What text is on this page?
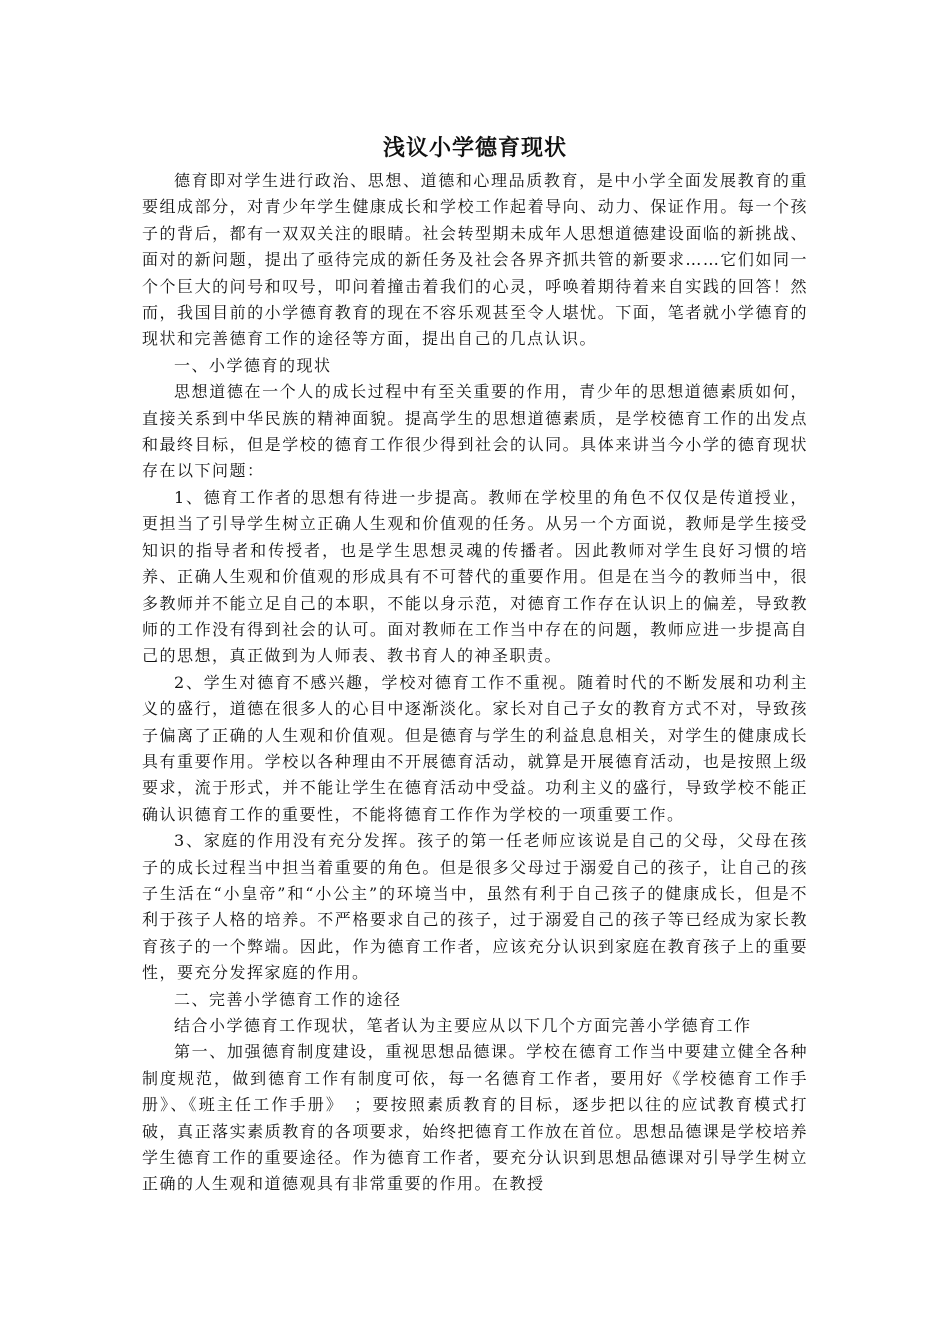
浅议小学德育现状

德育即对学生进行政治、思想、道德和心理品质教育，是中小学全面发展教育的重要组成部分，对青少年学生健康成长和学校工作起着导向、动力、保证作用。每一个孩子的背后，都有一双双关注的眼睛。社会转型期未成年人思想道德建设面临的新挑战、面对的新问题，提出了亟待完成的新任务及社会各界齐抓共管的新要求……它们如同一个个巨大的问号和叹号，叩问着撞击着我们的心灵，呼唤着期待着来自实践的回答！然而，我国目前的小学德育教育的现在不容乐观甚至令人堪忧。下面，笔者就小学德育的现状和完善德育工作的途径等方面，提出自己的几点认识。

一、小学德育的现状

思想道德在一个人的成长过程中有至关重要的作用，青少年的思想道德素质如何，直接关系到中华民族的精神面貌。提高学生的思想道德素质，是学校德育工作的出发点和最终目标，但是学校的德育工作很少得到社会的认同。具体来讲当今小学的德育现状存在以下问题：

1、德育工作者的思想有待进一步提高。教师在学校里的角色不仅仅是传道授业，更担当了引导学生树立正确人生观和价值观的任务。从另一个方面说，教师是学生接受知识的指导者和传授者，也是学生思想灵魂的传播者。因此教师对学生良好习惯的培养、正确人生观和价值观的形成具有不可替代的重要作用。但是在当今的教师当中，很多教师并不能立足自己的本职，不能以身示范，对德育工作存在认识上的偏差，导致教师的工作没有得到社会的认可。面对教师在工作当中存在的问题，教师应进一步提高自己的思想，真正做到为人师表、教书育人的神圣职责。

2、学生对德育不感兴趣，学校对德育工作不重视。随着时代的不断发展和功利主义的盛行，道德在很多人的心目中逐渐淡化。家长对自己子女的教育方式不对，导致孩子偏离了正确的人生观和价值观。但是德育与学生的利益息息相关，对学生的健康成长具有重要作用。学校以各种理由不开展德育活动，就算是开展德育活动，也是按照上级要求，流于形式，并不能让学生在德育活动中受益。功利主义的盛行，导致学校不能正确认识德育工作的重要性，不能将德育工作作为学校的一项重要工作。

3、家庭的作用没有充分发挥。孩子的第一任老师应该说是自己的父母，父母在孩子的成长过程当中担当着重要的角色。但是很多父母过于溺爱自己的孩子，让自己的孩子生活在“小皇帝”和“小公主”的环境当中，虽然有利于自己孩子的健康成长，但是不利于孩子人格的培养。不严格要求自己的孩子，过于溺爱自己的孩子等已经成为家长教育孩子的一个弊端。因此，作为德育工作者，应该充分认识到家庭在教育孩子上的重要性，要充分发挥家庭的作用。

二、完善小学德育工作的途径

结合小学德育工作现状，笔者认为主要应从以下几个方面完善小学德育工作

第一、加强德育制度建设，重视思想品德课。学校在德育工作当中要建立健全各种制度规范，做到德育工作有制度可依，每一名德育工作者，要用好《学校德育工作手册》、《班主任工作手册》　；要按照素质教育的目标，逐步把以往的应试教育模式打破，真正落实素质教育的各项要求，始终把德育工作放在首位。思想品德课是学校培养学生德育工作的重要途径。作为德育工作者，要充分认识到思想品德课对引导学生树立正确的人生观和道德观具有非常重要的作用。在教授
